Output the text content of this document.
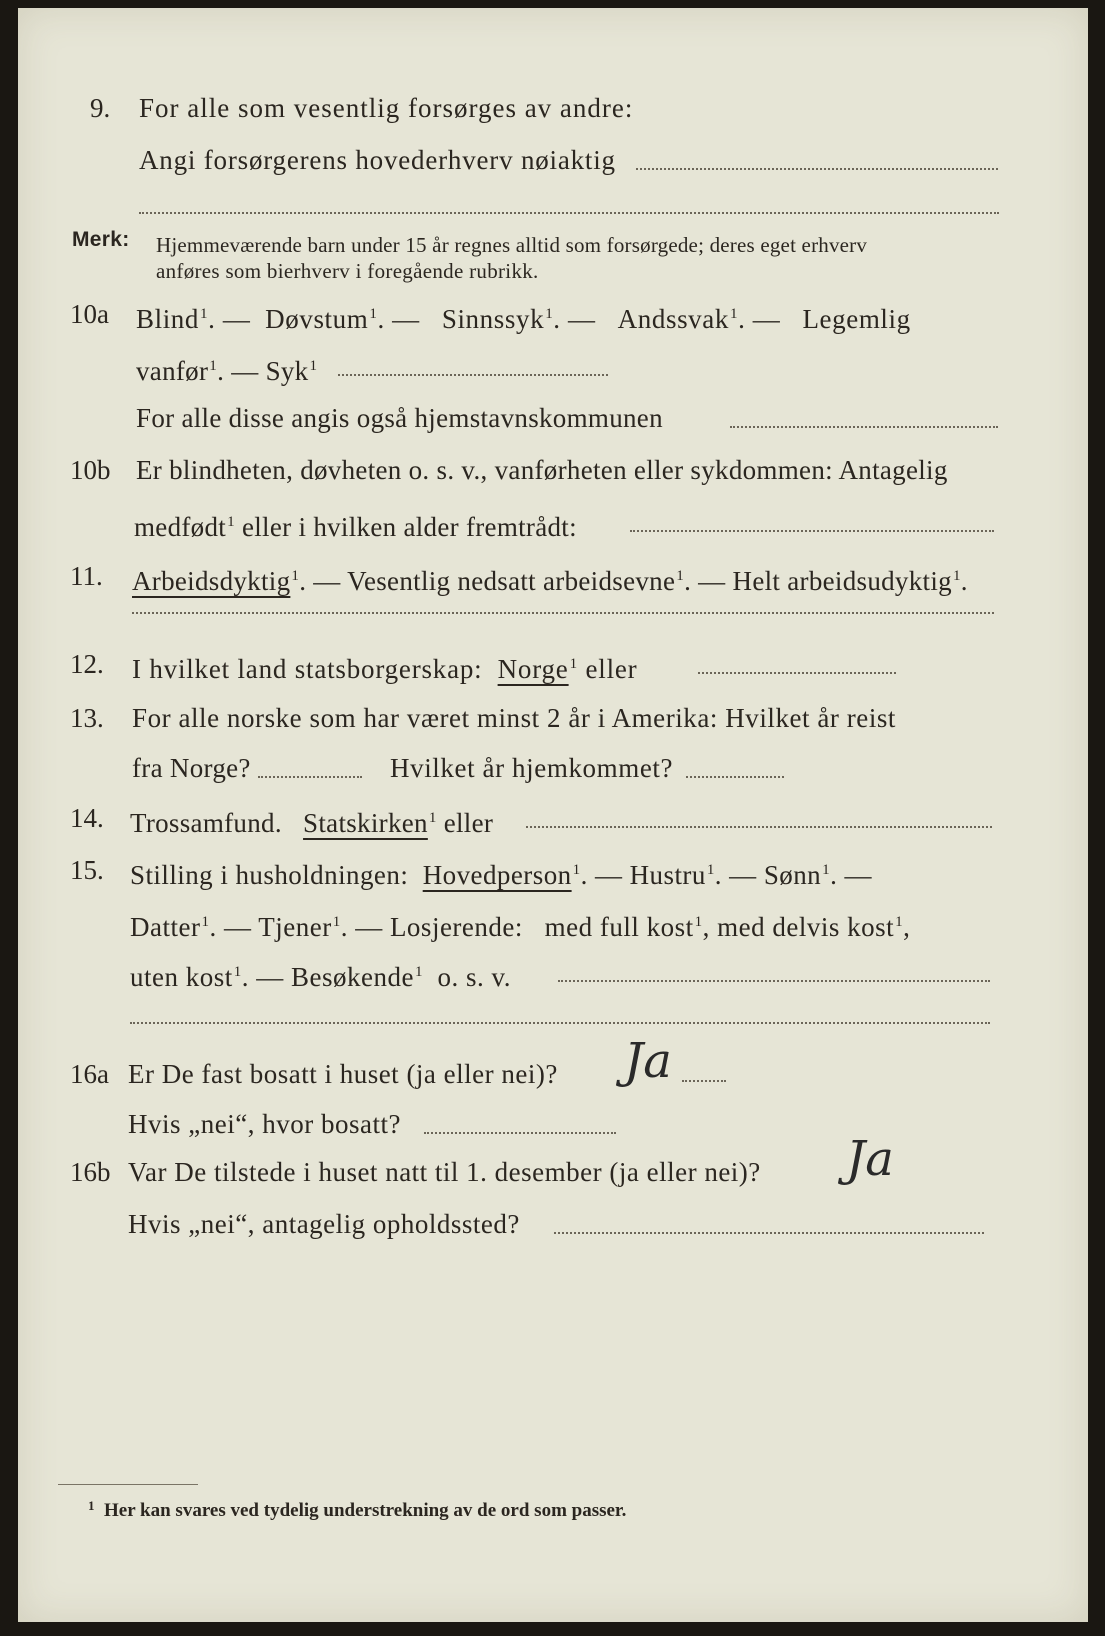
9. For alle som vesentlig forsørges av andre:
Angi forsørgerens hovederhverv nøiaktig
Merk: Hjemmeværende barn under 15 år regnes alltid som forsørgede; deres eget erhverv
anføres som bierhverv i foregående rubrikk.
10a Blind$^1$. — Døvstum$^1$. — Sinnssyk$^1$. — Andssvak$^1$. — Legemlig
vanfør$^1$. — Syk$^1$
For alle disse angis også hjemstavnskommunen
10b Er blindheten, døvheten o. s. v., vanførheten eller sykdommen: Antagelig
medfødt$^1$ eller i hvilken alder fremtrådt:
11. Arbeidsdyktig$^1$. — Vesentlig nedsatt arbeidsevne$^1$. — Helt arbeidsudyktig$^1$.
12. I hvilket land statsborgerskap: Norge$^1$ eller
13. For alle norske som har været minst 2 år i Amerika: Hvilket år reist
fra Norge?	Hvilket år hjemkommet?
14. Trossamfund. Statskirken$^1$ eller
15. Stilling i husholdningen: Hovedperson$^1$. — Hustru$^1$. — Sønn$^1$. —
Datter$^1$. — Tjener$^1$. — Losjerende: med full kost$^1$, med delvis kost$^1$,
uten kost$^1$. — Besøkende$^1$ o. s. v.
16a Er De fast bosatt i huset (ja eller nei)? Ja
Hvis „nei“, hvor bosatt?
16b Var De tilstede i huset natt til 1. desember (ja eller nei)? Ja
Hvis „nei“, antagelig opholdssted?
$^1$ Her kan svares ved tydelig understrekning av de ord som passer.
